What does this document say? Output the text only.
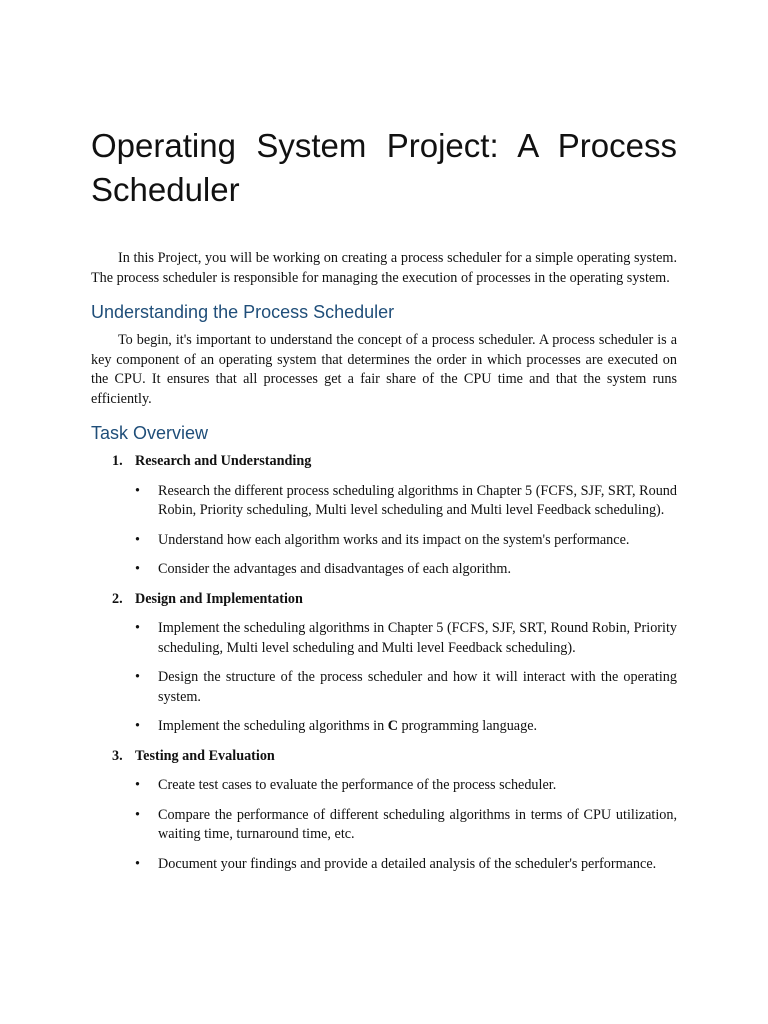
Operating System Project: A Process Scheduler

In this Project, you will be working on creating a process scheduler for a simple operating system. The process scheduler is responsible for managing the execution of processes in the operating system.

Understanding the Process Scheduler

To begin, it's important to understand the concept of a process scheduler. A process scheduler is a key component of an operating system that determines the order in which processes are executed on the CPU. It ensures that all processes get a fair share of the CPU time and that the system runs efficiently.

Task Overview

1. Research and Understanding

• Research the different process scheduling algorithms in Chapter 5 (FCFS, SJF, SRT, Round Robin, Priority scheduling, Multi level scheduling and Multi level Feedback scheduling).
• Understand how each algorithm works and its impact on the system's performance.
• Consider the advantages and disadvantages of each algorithm.

2. Design and Implementation

• Implement the scheduling algorithms in Chapter 5 (FCFS, SJF, SRT, Round Robin, Priority scheduling, Multi level scheduling and Multi level Feedback scheduling).
• Design the structure of the process scheduler and how it will interact with the operating system.
• Implement the scheduling algorithms in C programming language.

3. Testing and Evaluation

• Create test cases to evaluate the performance of the process scheduler.
• Compare the performance of different scheduling algorithms in terms of CPU utilization, waiting time, turnaround time, etc.
• Document your findings and provide a detailed analysis of the scheduler's performance.
